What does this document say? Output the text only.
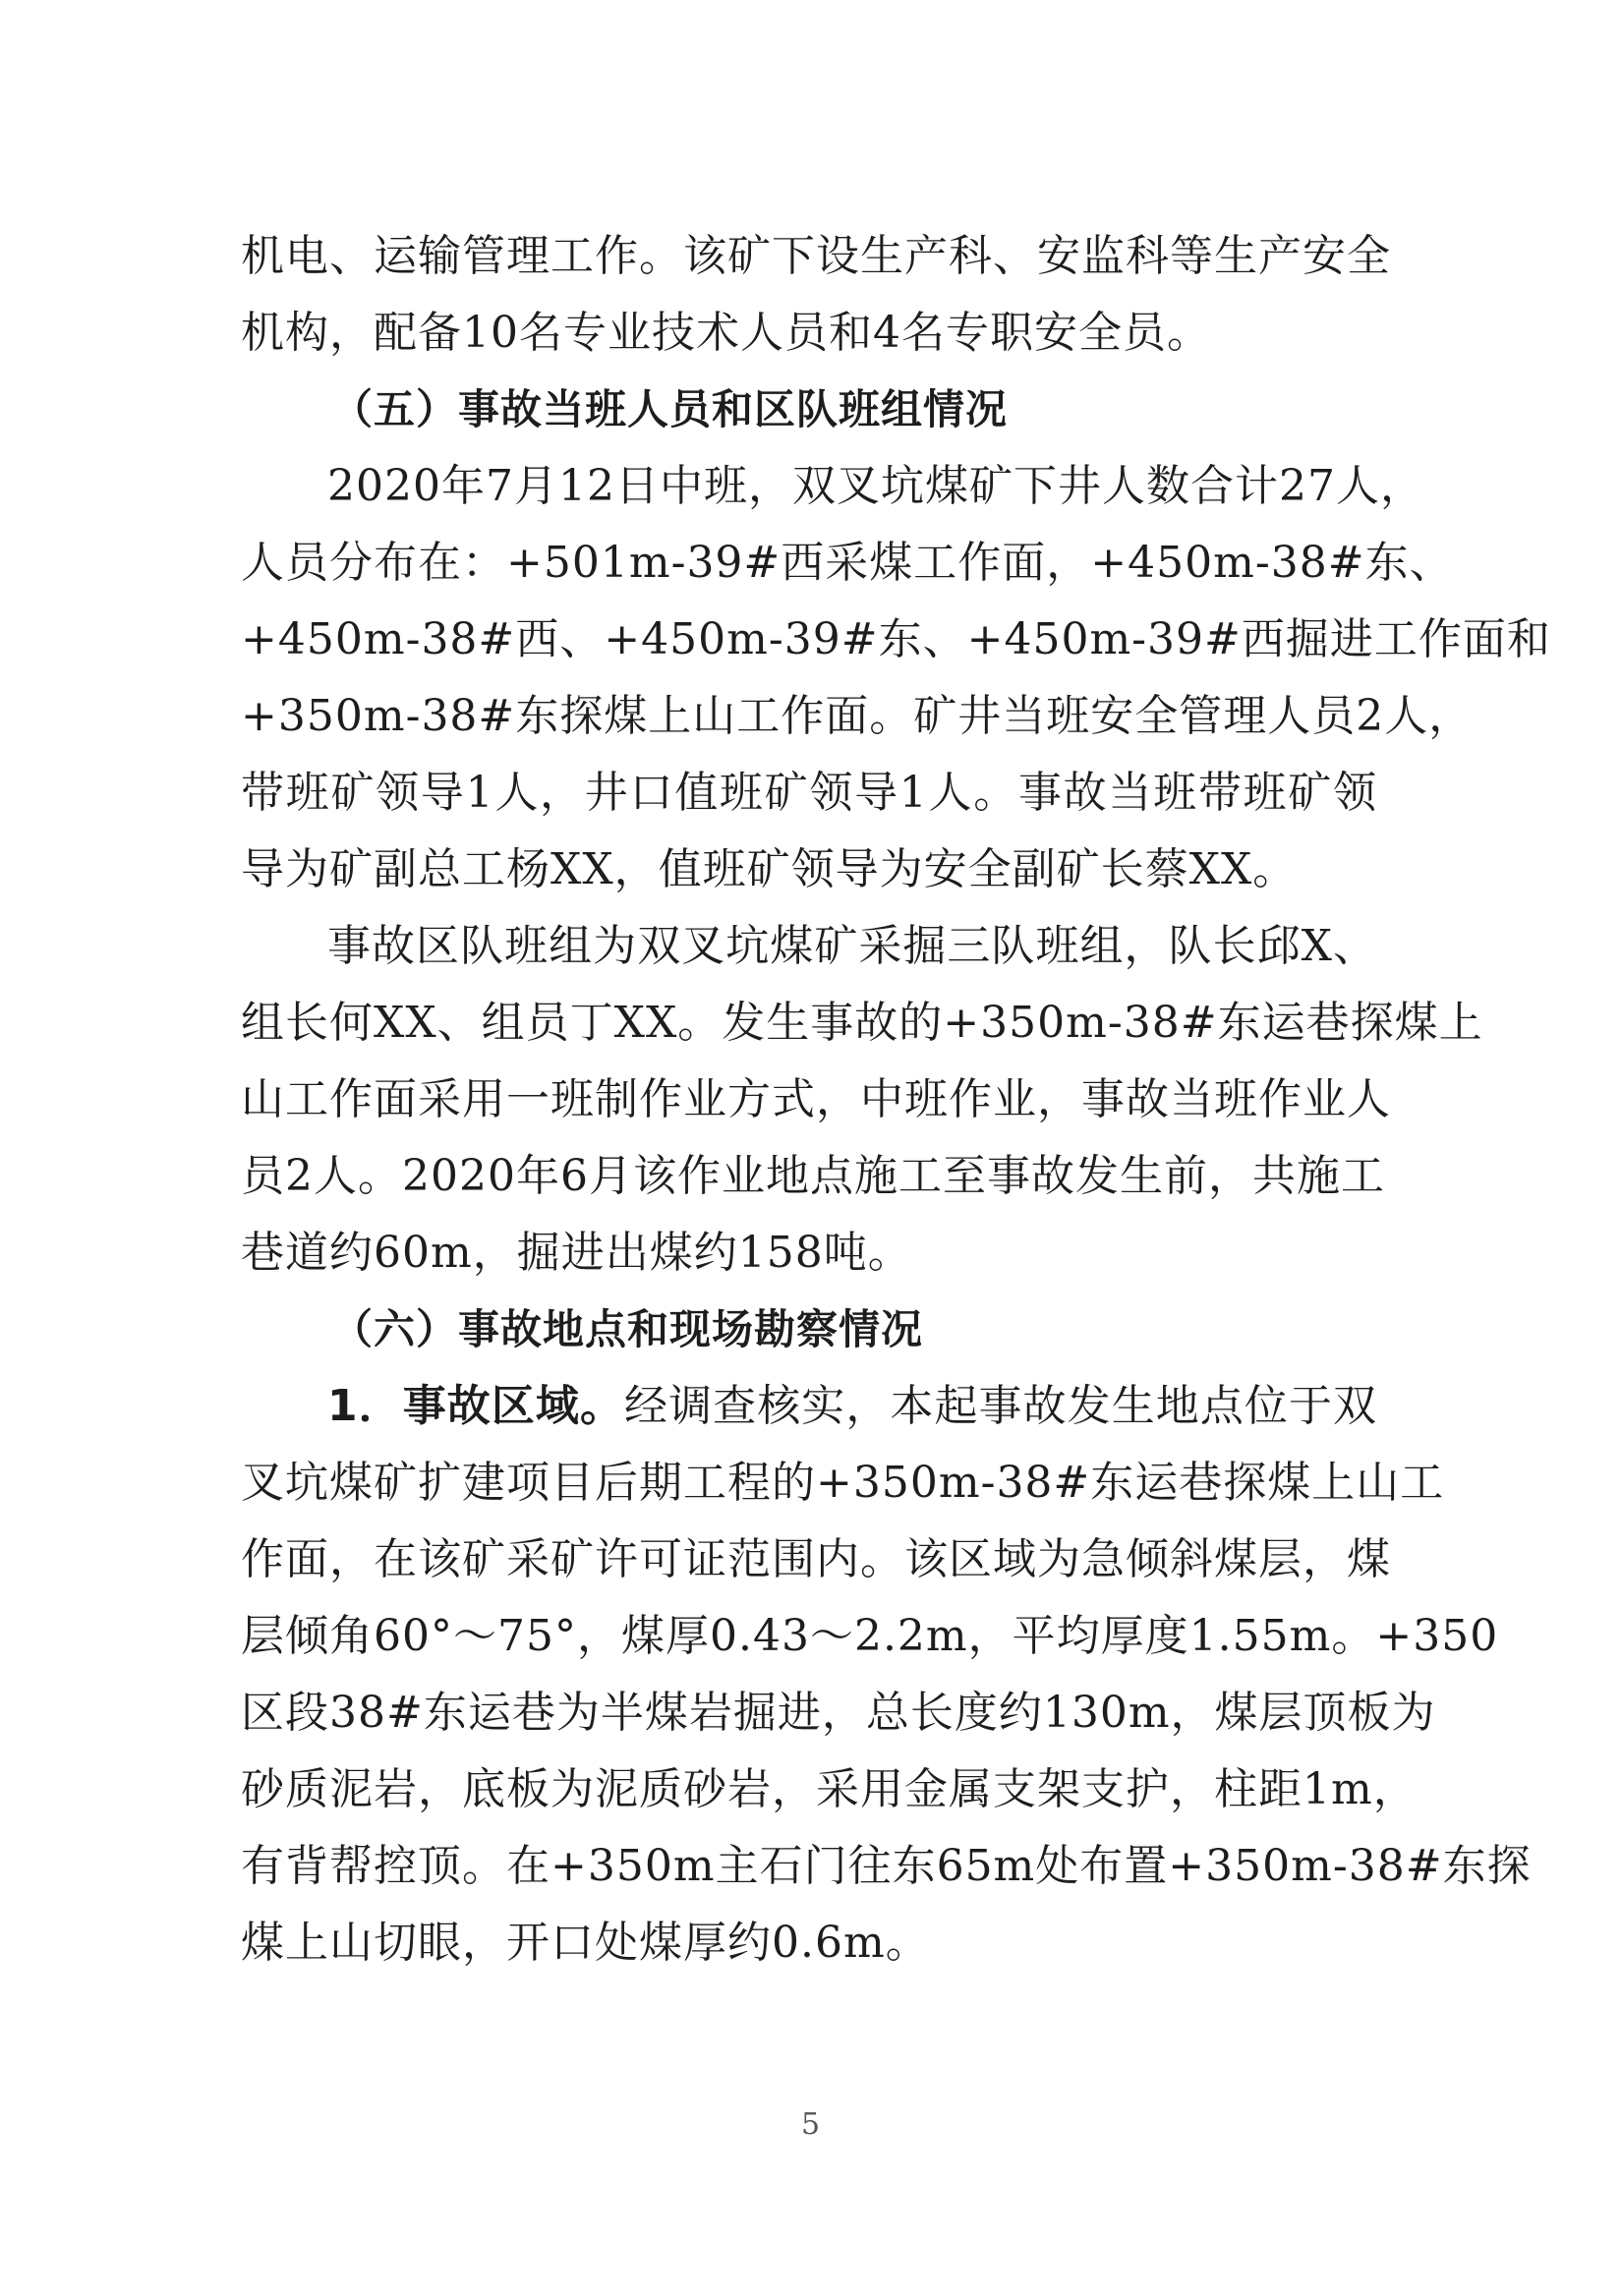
机电、运输管理工作。该矿下设生产科、安监科等生产安全
机构，配备10名专业技术人员和4名专职安全员。
（五）事故当班人员和区队班组情况
2020年7月12日中班，双叉坑煤矿下井人数合计27人，
人员分布在：+501m-39#西采煤工作面，+450m-38#东、
+450m-38#西、+450m-39#东、+450m-39#西掘进工作面和
+350m-38#东探煤上山工作面。矿井当班安全管理人员2人，
带班矿领导1人，井口值班矿领导1人。事故当班带班矿领
导为矿副总工杨XX，值班矿领导为安全副矿长蔡XX。
事故区队班组为双叉坑煤矿采掘三队班组，队长邱X、
组长何XX、组员丁XX。发生事故的+350m-38#东运巷探煤上
山工作面采用一班制作业方式，中班作业，事故当班作业人
员2人。2020年6月该作业地点施工至事故发生前，共施工
巷道约60m，掘进出煤约158吨。
（六）事故地点和现场勘察情况
1．事故区域。经调查核实，本起事故发生地点位于双
叉坑煤矿扩建项目后期工程的+350m-38#东运巷探煤上山工
作面，在该矿采矿许可证范围内。该区域为急倾斜煤层，煤
层倾角60°～75°，煤厚0.43～2.2m，平均厚度1.55m。+350
区段38#东运巷为半煤岩掘进，总长度约130m，煤层顶板为
砂质泥岩，底板为泥质砂岩，采用金属支架支护，柱距1m，
有背帮控顶。在+350m主石门往东65m处布置+350m-38#东探
煤上山切眼，开口处煤厚约0.6m。
5
